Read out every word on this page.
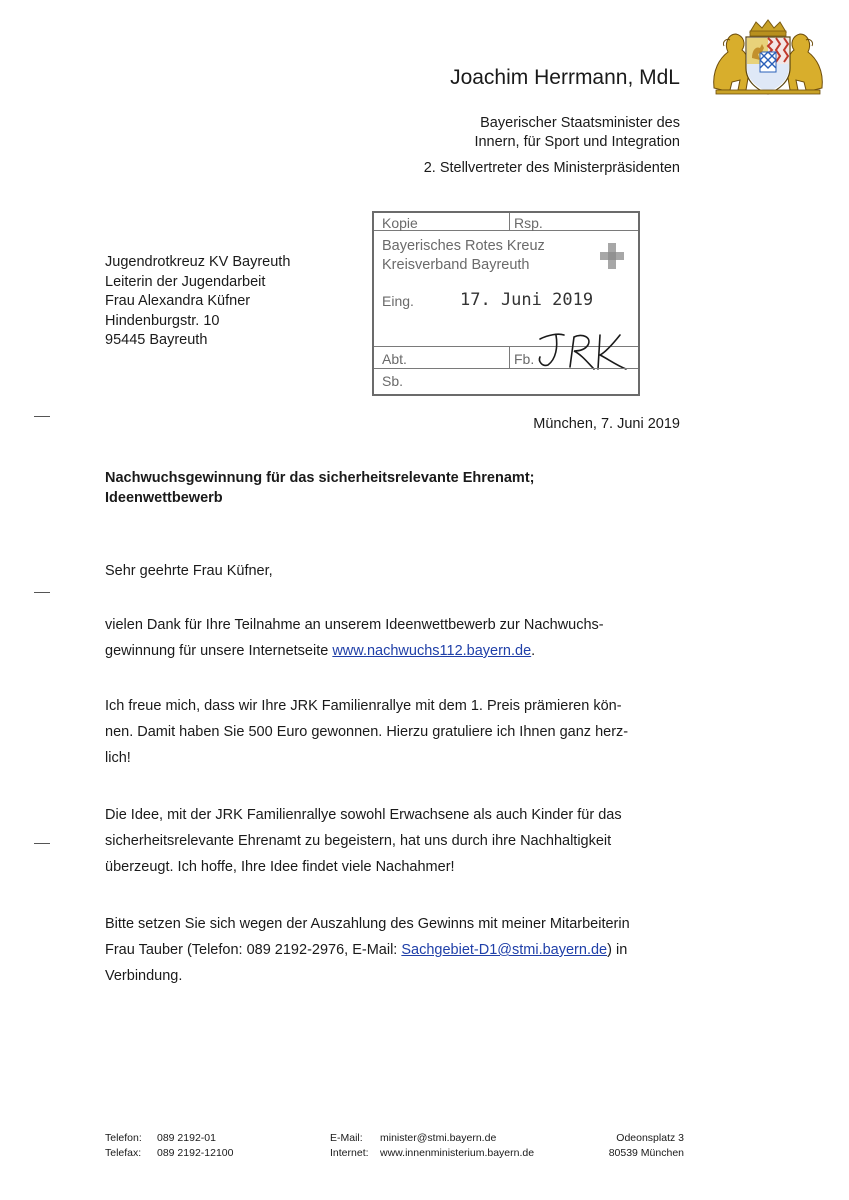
Joachim Herrmann, MdL
Bayerischer Staatsminister des
Innern, für Sport und Integration
2. Stellvertreter des Ministerpräsidenten
Jugendrotkreuz KV Bayreuth
Leiterin der Jugendarbeit
Frau Alexandra Küfner
Hindenburgstr. 10
95445 Bayreuth
Kopie	Rsp.
Bayerisches Rotes Kreuz
Kreisverband Bayreuth
Eing.	17. Juni 2019
Abt.	Fb.
Sb.
München, 7. Juni 2019
Nachwuchsgewinnung für das sicherheitsrelevante Ehrenamt;
Ideenwettbewerb
Sehr geehrte Frau Küfner,
vielen Dank für Ihre Teilnahme an unserem Ideenwettbewerb zur Nachwuchs-
gewinnung für unsere Internetseite www.nachwuchs112.bayern.de.
Ich freue mich, dass wir Ihre JRK Familienrallye mit dem 1. Preis prämieren kön-
nen. Damit haben Sie 500 Euro gewonnen. Hierzu gratuliere ich Ihnen ganz herz-
lich!
Die Idee, mit der JRK Familienrallye sowohl Erwachsene als auch Kinder für das
sicherheitsrelevante Ehrenamt zu begeistern, hat uns durch ihre Nachhaltigkeit
überzeugt. Ich hoffe, Ihre Idee findet viele Nachahmer!
Bitte setzen Sie sich wegen der Auszahlung des Gewinns mit meiner Mitarbeiterin
Frau Tauber (Telefon: 089 2192-2976, E-Mail: Sachgebiet-D1@stmi.bayern.de) in
Verbindung.
Telefon: 089 2192-01
Telefax: 089 2192-12100
E-Mail: minister@stmi.bayern.de
Internet: www.innenministerium.bayern.de
Odeonsplatz 3
80539 München
